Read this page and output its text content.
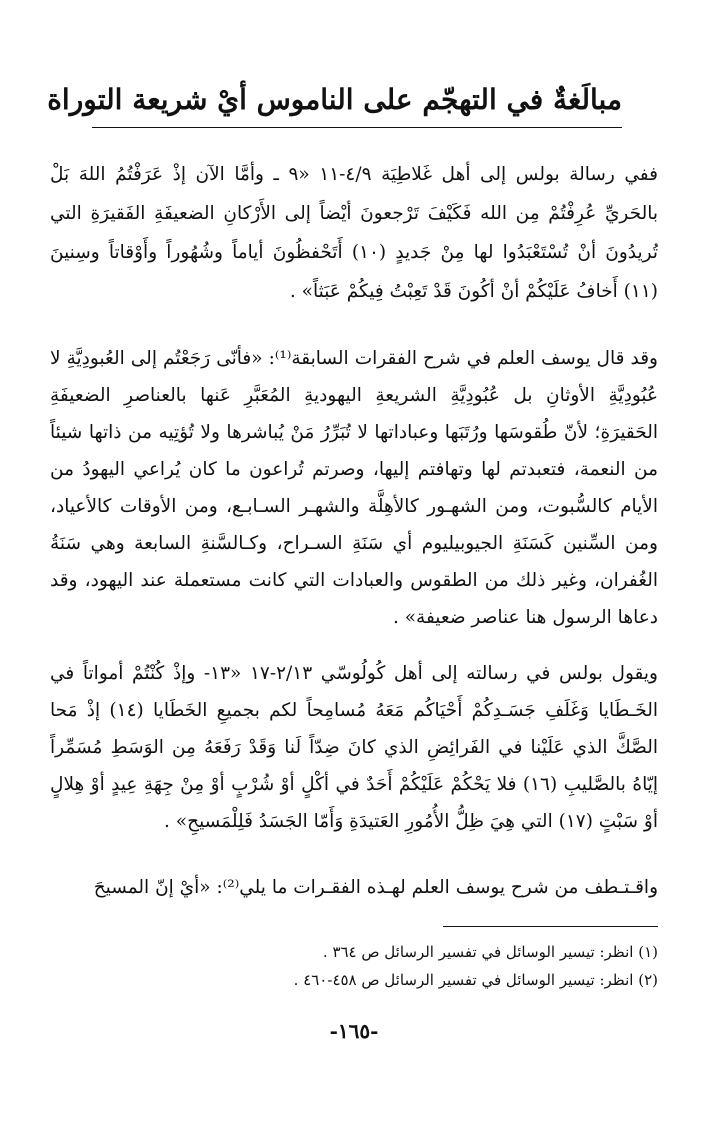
مبالَغةٌ في التهجّم على الناموس أيْ شريعة التوراة

ففي رسالة بولس إلى أهل غَلاطِيَة ٤/٩-١١ «٩ ـ وأمَّا الآن إذْ عَرَفْتُمُ اللهَ بَلْ بالحَريِّ عُرِفْتُمْ مِن الله فَكَيْفَ تَرْجعونَ أيْضاً إلى الأَرْكانِ الضعيفَةِ الفَقيرَةِ التي تُريدُونَ أنْ تُسْتَعْبَدُوا لها مِنْ جَديدٍ (١٠) أَتَحْفظُونَ أياماً وشُهُوراً وأَوْقاتاً وسِنينَ (١١) أَخافُ عَلَيْكُمْ أنْ أكُونَ قَدْ تَعِبْتُ فِيكُمْ عَبَثاً» .

وقد قال يوسف العلم في شرح الفقرات السابقة⁽¹⁾: «فأنّى رَجَعْتُم إلى العُبودِيَّةِ لا عُبُودِيَّةِ الأوثانِ بل عُبُودِيَّةِ الشريعةِ اليهوديةِ المُعَبَّرِ عَنها بالعناصرِ الضعيفَةِ الحَقيرَةِ؛ لأنّ طُقوسَها ورُتَبَها وعباداتها لا تُبَرِّرُ مَنْ يُباشرها ولا تُؤتِيه من ذاتها شيئاً من النعمة، فتعبدتم لها وتهافتم إليها، وصرتم تُراعون ما كان يُراعي اليهودُ من الأيام كالسُّبوت، ومن الشهـور كالأهِلَّة والشهـر السـابـع، ومن الأوقات كالأعياد، ومن السِّنين كَسَنَةِ الجيوبيليوم أي سَنَةِ السـراح، وكـالسَّنةِ السابعة وهي سَنَةُ الغُفران، وغير ذلك من الطقوس والعبادات التي كانت مستعملة عند اليهود، وقد دعاها الرسول هنا عناصر ضعيفة» .

ويقول بولس في رسالته إلى أهل كُولُوسّي ٢/١٣-١٧ «١٣- وإذْ كُنْتُمْ أمواتاً في الخَـطَايا وَغَلَفِ جَسَـدِكُمْ أَحْيَاكُم مَعَهُ مُسامِحاً لكم بجميعِ الخَطَايا (١٤) إذْ مَحا الصَّكَّ الذي عَلَيْنا في الفَرائِضِ الذي كانَ ضِدّاً لَنا وَقَدْ رَفَعَهُ مِن الوَسَطِ مُسَمِّراً إيّاهُ بالصَّليبِ (١٦) فلا يَحْكُمْ عَلَيْكُمْ أَحَدٌ في أكْلٍ أوْ شُرْبٍ أوْ مِنْ جِهَةِ عِيدٍ أوْ هِلالٍ أوْ سَبْتٍ (١٧) التي هِيَ ظِلُّ الأُمُورِ العَتيدَةِ وَأَمّا الجَسَدُ فَلِلْمَسيحِ» .

واقـتـطف من شرح يوسف العلم لهـذه الفقـرات ما يلي⁽²⁾: «أيْ إنّ المسيحَ

(١) انظر: تيسير الوسائل في تفسير الرسائل ص ٣٦٤ .
(٢) انظر: تيسير الوسائل في تفسير الرسائل ص ٤٥٨-٤٦٠ .
-١٦٥-
